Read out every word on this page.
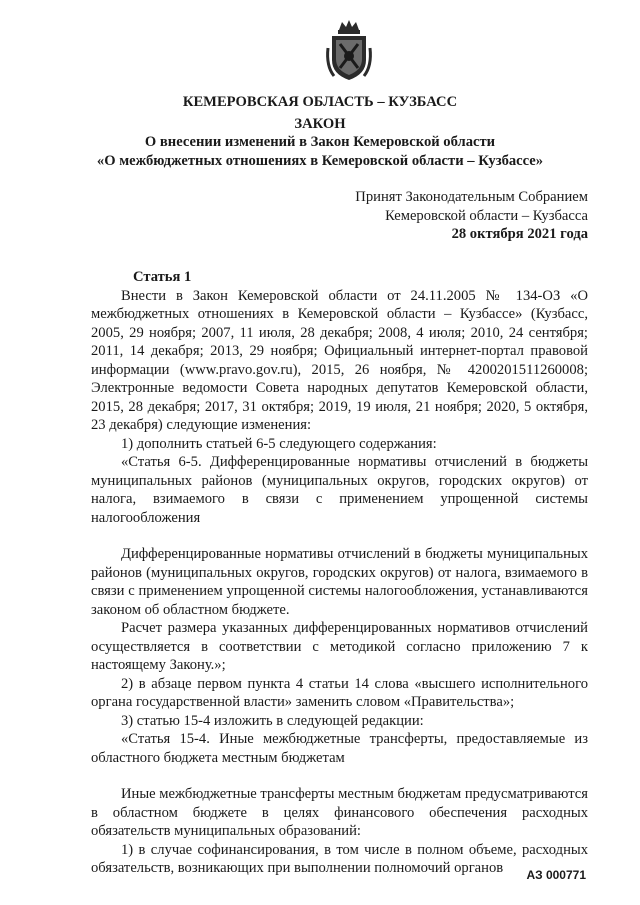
КЕМЕРОВСКАЯ ОБЛАСТЬ – КУЗБАСС
ЗАКОН
О внесении изменений в Закон Кемеровской области
«О межбюджетных отношениях в Кемеровской области – Кузбассе»
Принят Законодательным Собранием
Кемеровской области – Кузбасса
28 октября 2021 года

Статья 1

Внести в Закон Кемеровской области от 24.11.2005 № 134-ОЗ «О межбюджетных отношениях в Кемеровской области – Кузбассе» (Кузбасс, 2005, 29 ноября; 2007, 11 июля, 28 декабря; 2008, 4 июля; 2010, 24 сентября; 2011, 14 декабря; 2013, 29 ноября; Официальный интернет-портал правовой информации (www.pravo.gov.ru), 2015, 26 ноября, № 4200201511260008; Электронные ведомости Совета народных депутатов Кемеровской области, 2015, 28 декабря; 2017, 31 октября; 2019, 19 июля, 21 ноября; 2020, 5 октября, 23 декабря) следующие изменения:

1) дополнить статьей 6-5 следующего содержания:

«Статья 6-5. Дифференцированные нормативы отчислений в бюджеты муниципальных районов (муниципальных округов, городских округов) от налога, взимаемого в связи с применением упрощенной системы налогообложения

Дифференцированные нормативы отчислений в бюджеты муниципальных районов (муниципальных округов, городских округов) от налога, взимаемого в связи с применением упрощенной системы налогообложения, устанавливаются законом об областном бюджете.

Расчет размера указанных дифференцированных нормативов отчислений осуществляется в соответствии с методикой согласно приложению 7 к настоящему Закону.»;

2) в абзаце первом пункта 4 статьи 14 слова «высшего исполнительного органа государственной власти» заменить словом «Правительства»;

3) статью 15-4 изложить в следующей редакции:

«Статья 15-4. Иные межбюджетные трансферты, предоставляемые из областного бюджета местным бюджетам

Иные межбюджетные трансферты местным бюджетам предусматриваются в областном бюджете в целях финансового обеспечения расходных обязательств муниципальных образований:

1) в случае софинансирования, в том числе в полном объеме, расходных обязательств, возникающих при выполнении полномочий органов	АЗ 000771
